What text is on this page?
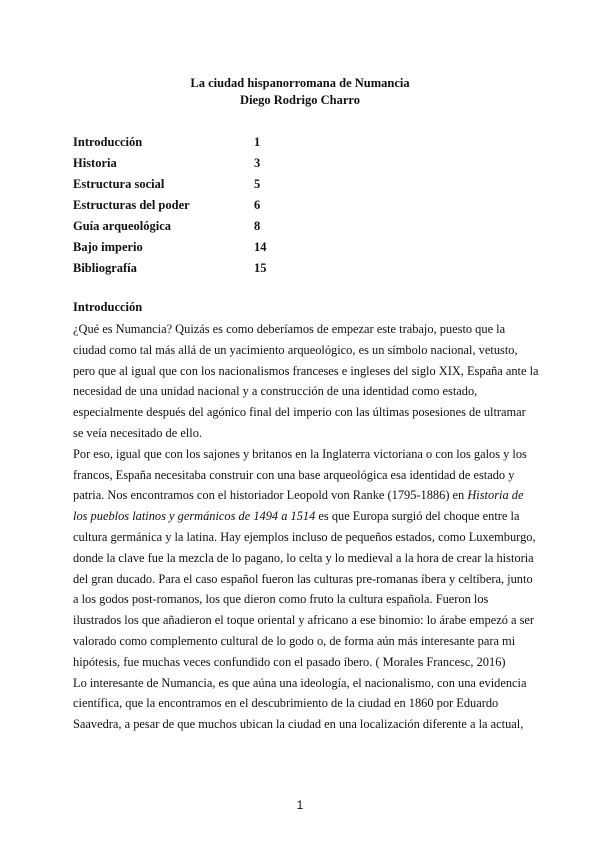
La ciudad hispanorromana de Numancia
Diego Rodrigo Charro
Introducción	1
Historia	3
Estructura social	5
Estructuras del poder	6
Guía arqueológica	8
Bajo imperio	14
Bibliografía	15
Introducción

¿Qué es Numancia? Quizás es como deberíamos de empezar este trabajo, puesto que la
ciudad como tal más allá de un yacimiento arqueológico, es un símbolo nacional, vetusto,
pero que al igual que con los nacionalismos franceses e ingleses del siglo XIX, España ante la
necesidad de una unidad nacional y a construcción de una identidad como estado,
especialmente después del agónico final del imperio con las últimas posesiones de ultramar
se veía necesitado de ello.

Por eso, igual que con los sajones y britanos en la Inglaterra victoriana o con los galos y los
francos, España necesitaba construir con una base arqueológica esa identidad de estado y
patria. Nos encontramos con el historiador Leopold von Ranke (1795-1886) en Historia de
los pueblos latinos y germánicos de 1494 a 1514 es que Europa surgió del choque entre la
cultura germánica y la latina. Hay ejemplos incluso de pequeños estados, como Luxemburgo,
donde la clave fue la mezcla de lo pagano, lo celta y lo medieval a la hora de crear la historia
del gran ducado. Para el caso español fueron las culturas pre-romanas íbera y celtíbera, junto
a los godos post-romanos, los que dieron como fruto la cultura española. Fueron los
ilustrados los que añadieron el toque oriental y africano a ese binomio: lo árabe empezó a ser
valorado como complemento cultural de lo godo o, de forma aún más interesante para mi
hipótesis, fue muchas veces confundido con el pasado íbero. ( Morales Francesc, 2016)

Lo interesante de Numancia, es que aúna una ideología, el nacionalismo, con una evidencia
científica, que la encontramos en el descubrimiento de la ciudad en 1860 por Eduardo
Saavedra, a pesar de que muchos ubican la ciudad en una localización diferente a la actual,

1
